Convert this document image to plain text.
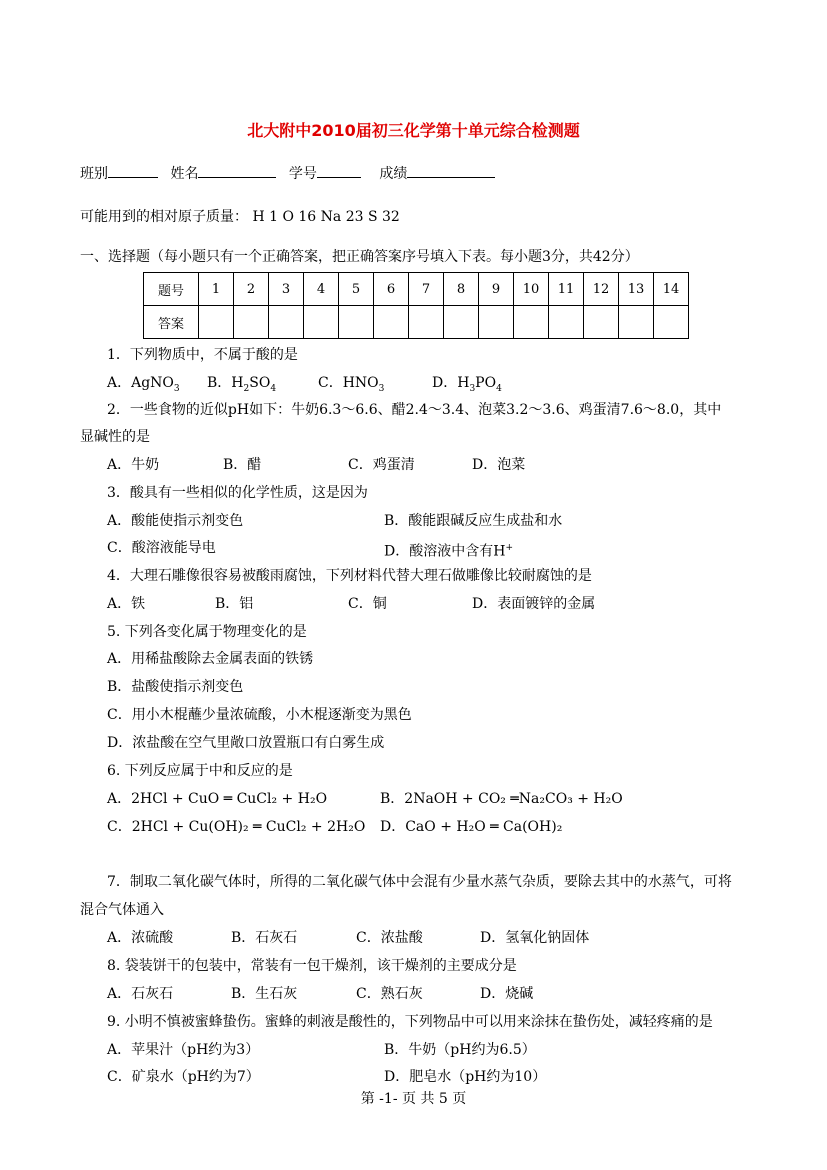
北大附中2010届初三化学第十单元综合检测题
班别	姓名	学号	成绩
可能用到的相对原子质量： H 1 O 16 Na 23 S 32
一、选择题（每小题只有一个正确答案，把正确答案序号填入下表。每小题3分，共42分）
题号	1	2	3	4	5	6	7	8	9	10	11	12	13	14
答案														
1．下列物质中，不属于酸的是
A．AgNO$_3$ B．$H_2SO_4$	C．$HNO_3$	D．$H_3PO_4$
2．一些食物的近似pH如下：牛奶6.3～6.6、醋2.4～3.4、泡菜3.2～3.6、鸡蛋清7.6～8.0，其中
显碱性的是
A．牛奶	B．醋	C．鸡蛋清	D．泡菜
3．酸具有一些相似的化学性质，这是因为
A．酸能使指示剂变色	B．酸能跟碱反应生成盐和水
C．酸溶液能导电	D．酸溶液中含有H+
4．大理石雕像很容易被酸雨腐蚀，下列材料代替大理石做雕像比较耐腐蚀的是
A．铁	B．铝	C．铜	D．表面镀锌的金属
5. 下列各变化属于物理变化的是
A．用稀盐酸除去金属表面的铁锈
B．盐酸使指示剂变色
C．用小木棍蘸少量浓硫酸，小木棍逐渐变为黑色
D．浓盐酸在空气里敞口放置瓶口有白雾生成
6. 下列反应属于中和反应的是
A．2HCl + CuO ═ CuCl₂ + H₂O	B．2NaOH + CO₂ ═Na₂CO₃ + H₂O
C．2HCl + Cu(OH)₂ ═ CuCl₂ + 2H₂O D．CaO + H₂O ═ Ca(OH)₂
7．制取二氧化碳气体时，所得的二氧化碳气体中会混有少量水蒸气杂质，要除去其中的水蒸气，可将
混合气体通入
A．浓硫酸	B．石灰石	C．浓盐酸	D．氢氧化钠固体
8. 袋装饼干的包装中，常装有一包干燥剂，该干燥剂的主要成分是
A．石灰石	B．生石灰	C．熟石灰	D．烧碱
9. 小明不慎被蜜蜂蛰伤。蜜蜂的刺液是酸性的，下列物品中可以用来涂抹在蛰伤处，减轻疼痛的是
A．苹果汁（pH约为3）	B．牛奶（pH约为6.5）
C．矿泉水（pH约为7）	D．肥皂水（pH约为10）
第 -1- 页 共 5 页
